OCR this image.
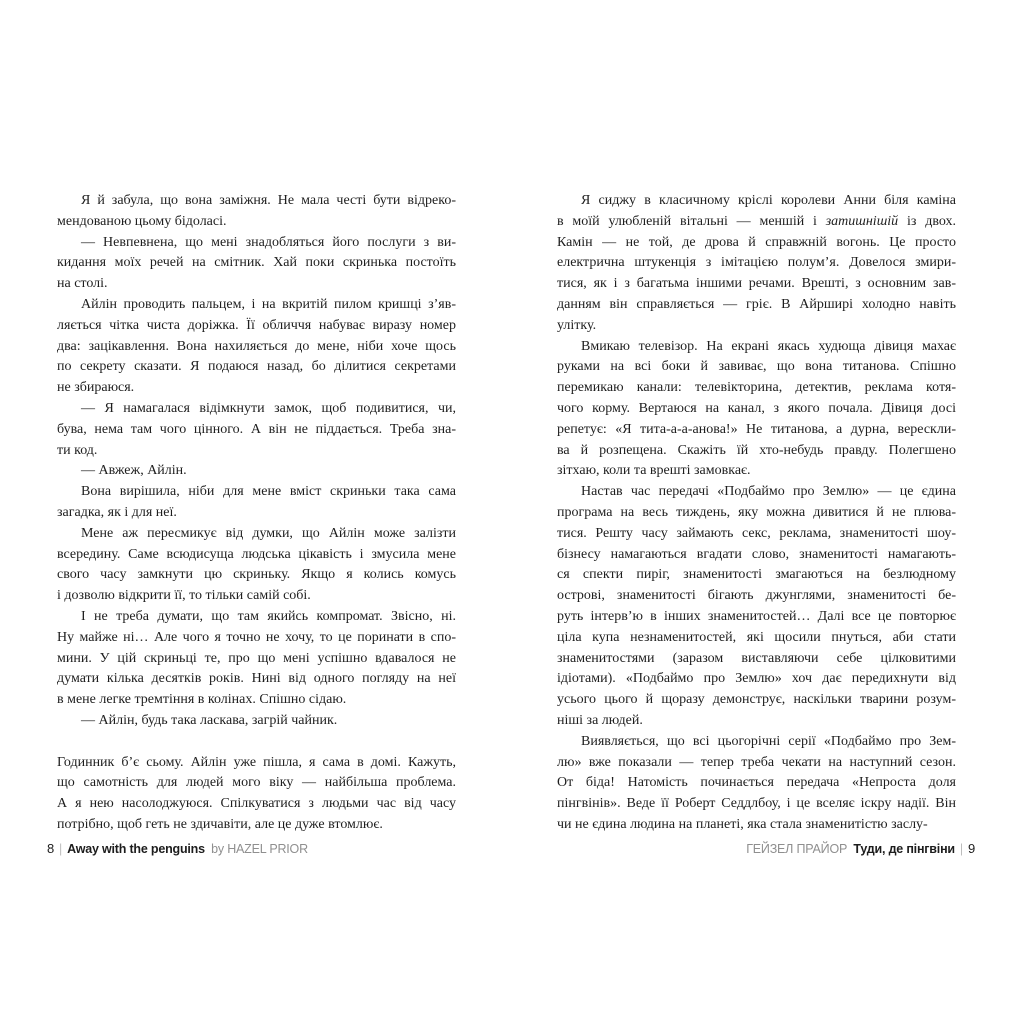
Я й забула, що вона заміжня. Не мала честі бути відреко-
мендованою цьому бідоласі.
— Невпевнена, що мені знадобляться його послуги з ви-
кидання моїх речей на смітник. Хай поки скринька постоїть
на столі.
Айлін проводить пальцем, і на вкритій пилом кришці з’яв-
ляється чітка чиста доріжка. Її обличчя набуває виразу номер
два: зацікавлення. Вона нахиляється до мене, ніби хоче щось
по секрету сказати. Я подаюся назад, бо ділитися секретами
не збираюся.
— Я намагалася відімкнути замок, щоб подивитися, чи,
бува, нема там чого цінного. А він не піддається. Треба зна-
ти код.
— Авжеж, Айлін.
Вона вирішила, ніби для мене вміст скриньки така сама
загадка, як і для неї.
Мене аж пересмикує від думки, що Айлін може залізти
всередину. Саме всюдисуща людська цікавість і змусила мене
свого часу замкнути цю скриньку. Якщо я колись комусь
і дозволю відкрити її, то тільки самій собі.
І не треба думати, що там якийсь компромат. Звісно, ні.
Ну майже ні… Але чого я точно не хочу, то це поринати в спо-
мини. У цій скриньці те, про що мені успішно вдавалося не
думати кілька десятків років. Нині від одного погляду на неї
в мене легке тремтіння в колінах. Спішно сідаю.
— Айлін, будь така ласкава, загрій чайник.
Годинник б’є сьому. Айлін уже пішла, я сама в домі. Кажуть,
що самотність для людей мого віку — найбільша проблема.
А я нею насолоджуюся. Спілкуватися з людьми час від часу
потрібно, щоб геть не здичавіти, але це дуже втомлює.
8 | Away with the penguins by HAZEL PRIOR
Я сиджу в класичному кріслі королеви Анни біля каміна
в моїй улюбленій вітальні — меншій і затишнішій із двох.
Камін — не той, де дрова й справжній вогонь. Це просто
електрична штукенція з імітацією полум’я. Довелося змири-
тися, як і з багатьма іншими речами. Врешті, з основним зав-
данням він справляється — гріє. В Айрширі холодно навіть
улітку.
Вмикаю телевізор. На екрані якась худюща дівиця махає
руками на всі боки й завиває, що вона титанова. Спішно
перемикаю канали: телевікторина, детектив, реклама котя-
чого корму. Вертаюся на канал, з якого почала. Дівиця досі
репетує: «Я тита-а-а-анова!» Не титанова, а дурна, верескли-
ва й розпещена. Скажіть їй хто-небудь правду. Полегшено
зітхаю, коли та врешті замовкає.
Настав час передачі «Подбаймо про Землю» — це єдина
програма на весь тиждень, яку можна дивитися й не плюва-
тися. Решту часу займають секс, реклама, знаменитості шоу-
бізнесу намагаються вгадати слово, знаменитості намагають-
ся спекти пиріг, знаменитості змагаються на безлюдному
острові, знаменитості бігають джунглями, знаменитості бе-
руть інтерв’ю в інших знаменитостей… Далі все це повторює
ціла купа незнаменитостей, які щосили пнуться, аби стати
знаменитостями (заразом виставляючи себе цілковитими
ідіотами). «Подбаймо про Землю» хоч дає передихнути від
усього цього й щоразу демонструє, наскільки тварини розум-
ніші за людей.
Виявляється, що всі цьогорічні серії «Подбаймо про Зем-
лю» вже показали — тепер треба чекати на наступний сезон.
От біда! Натомість починається передача «Непроста доля
пінгвінів». Веде її Роберт Седдлбоу, і це вселяє іскру надії. Він
чи не єдина людина на планеті, яка стала знаменитістю заслу-
ГЕЙЗЕЛ ПРАЙОР Туди, де пінгвіни | 9
